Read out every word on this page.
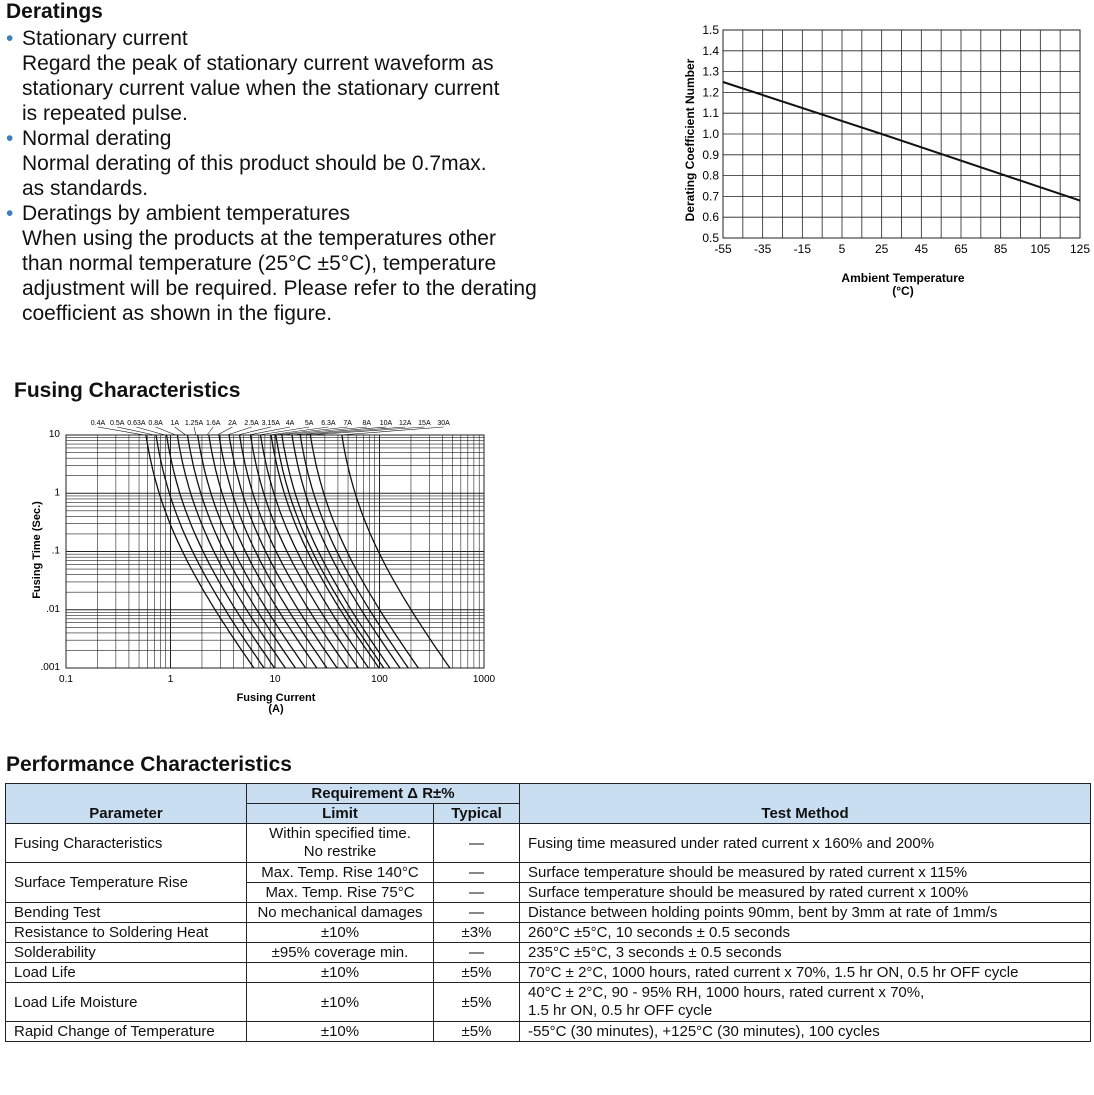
Deratings
• Stationary current
Regard the peak of stationary current waveform as
stationary current value when the stationary current
is repeated pulse.
• Normal derating
Normal derating of this product should be 0.7max.
as standards.
• Deratings by ambient temperatures
When using the products at the temperatures other
than normal temperature (25°C ±5°C), temperature
adjustment will be required. Please refer to the derating
coefficient as shown in the figure.
-55 -35 -15 5 25 45 65 85 105 125
0.5
0.6
0.7
0.8
0.9
1.0
1.1
1.2
1.3
1.4
1.5
Derating Coefficient Number
Ambient Temperature
(°C)
Fusing Characteristics
0.1	1	10	100	1000
.001
.01
.1
1
10
0.4A 0.5A 0.63A 0.8A 1A 1.25A 1.6A 2A 2.5A 3.15A 4A 5A 6.3A 7A 8A 10A 12A 15A 30A
Fusing Time (Sec.)
Fusing Current
(A)
Performance Characteristics
Parameter	Requirement Δ R±%		Test Method
	Limit	Typical	
Fusing Characteristics	Within specified time.
No restrike	—	Fusing time measured under rated current x 160% and 200%
Surface Temperature Rise	Max. Temp. Rise 140°C	—	Surface temperature should be measured by rated current x 115%
	Max. Temp. Rise 75°C	—	Surface temperature should be measured by rated current x 100%
Bending Test	No mechanical damages	—	Distance between holding points 90mm, bent by 3mm at rate of 1mm/s
Resistance to Soldering Heat	±10%	±3%	260°C ±5°C, 10 seconds ± 0.5 seconds
Solderability	±95% coverage min.	—	235°C ±5°C, 3 seconds ± 0.5 seconds
Load Life	±10%	±5%	70°C ± 2°C, 1000 hours, rated current x 70%, 1.5 hr ON, 0.5 hr OFF cycle
Load Life Moisture	±10%	±5%	40°C ± 2°C, 90 - 95% RH, 1000 hours, rated current x 70%,
1.5 hr ON, 0.5 hr OFF cycle
Rapid Change of Temperature	±10%	±5%	-55°C (30 minutes), +125°C (30 minutes), 100 cycles
